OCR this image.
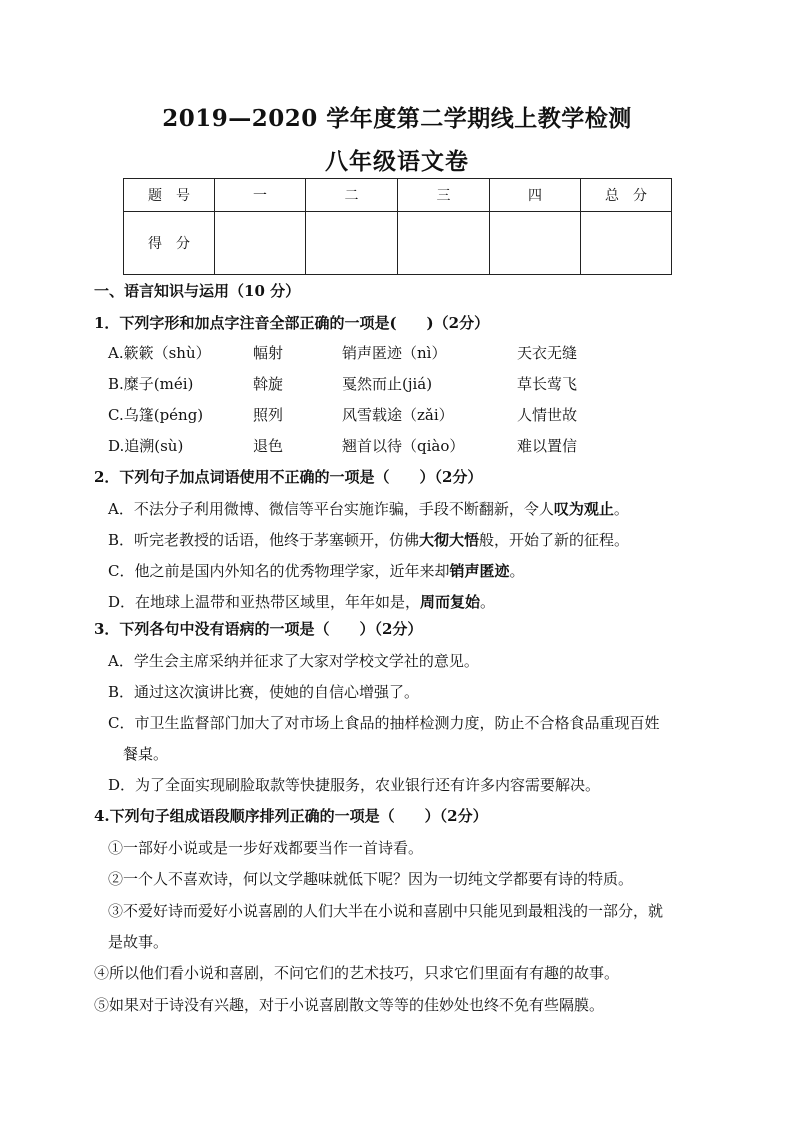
2019—2020 学年度第二学期线上教学检测
八年级语文卷
题　号	一	二	三	四	总　分
得　分					
一、语言知识与运用（10 分）
1．下列字形和加点字注音全部正确的一项是(　　)（2分）
A.簌簌（shù）	幅射	销声匿迹（nì）	天衣无缝
B.糜子(méi)	斡旋	戛然而止(jiá)	草长莺飞
C.乌篷(péng)	照列	风雪载途（zǎi）	人情世故
D.追溯(sù)	退色	翘首以待（qiào）	难以置信
2．下列句子加点词语使用不正确的一项是（　　）（2分）
A．不法分子利用微博、微信等平台实施诈骗，手段不断翻新，令人叹为观止。
B．听完老教授的话语，他终于茅塞顿开，仿佛大彻大悟般，开始了新的征程。
C．他之前是国内外知名的优秀物理学家，近年来却销声匿迹。
D．在地球上温带和亚热带区域里，年年如是，周而复始。
3．下列各句中没有语病的一项是（　　）（2分）
A．学生会主席采纳并征求了大家对学校文学社的意见。
B．通过这次演讲比赛，使她的自信心增强了。
C．市卫生监督部门加大了对市场上食品的抽样检测力度，防止不合格食品重现百姓
餐桌。
D．为了全面实现刷脸取款等快捷服务，农业银行还有许多内容需要解决。
4.下列句子组成语段顺序排列正确的一项是（　　）（2分）
①一部好小说或是一步好戏都要当作一首诗看。
②一个人不喜欢诗，何以文学趣味就低下呢？因为一切纯文学都要有诗的特质。
③不爱好诗而爱好小说喜剧的人们大半在小说和喜剧中只能见到最粗浅的一部分，就
是故事。
④所以他们看小说和喜剧，不问它们的艺术技巧，只求它们里面有有趣的故事。
⑤如果对于诗没有兴趣，对于小说喜剧散文等等的佳妙处也终不免有些隔膜。
